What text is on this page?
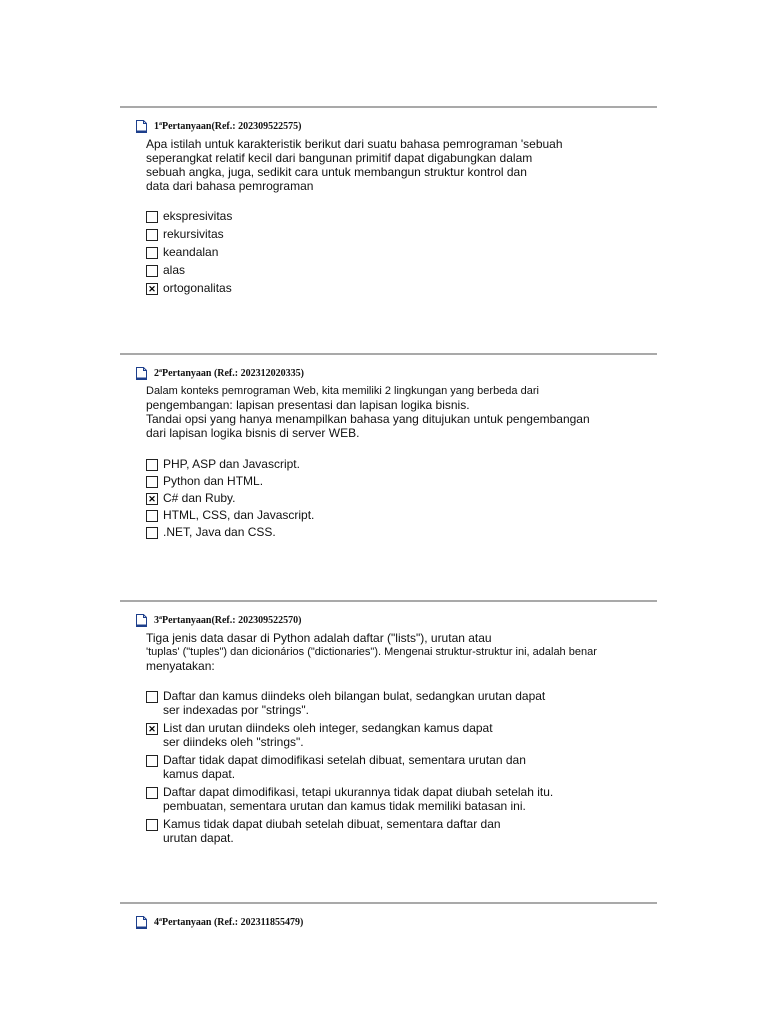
1$^a$Pertanyaan(Ref.: 202309522575)
Apa istilah untuk karakteristik berikut dari suatu bahasa pemrograman 'sebuah
seperangkat relatif kecil dari bangunan primitif dapat digabungkan dalam
sebuah angka, juga, sedikit cara untuk membangun struktur kontrol dan
data dari bahasa pemrograman
ekspresivitas
rekursivitas
keandalan
alas
✕
ortogonalitas
2$^a$Pertanyaan (Ref.: 202312020335)
Dalam konteks pemrograman Web, kita memiliki 2 lingkungan yang berbeda dari
pengembangan: lapisan presentasi dan lapisan logika bisnis.
Tandai opsi yang hanya menampilkan bahasa yang ditujukan untuk pengembangan
dari lapisan logika bisnis di server WEB.
PHP, ASP dan Javascript.
Python dan HTML.
✕
C# dan Ruby.
HTML, CSS, dan Javascript.
.NET, Java dan CSS.
3$^a$Pertanyaan(Ref.: 202309522570)
Tiga jenis data dasar di Python adalah daftar ("lists"), urutan atau
'tuplas' ("tuples") dan dicionários ("dictionaries"). Mengenai struktur-struktur ini, adalah benar
menyatakan:
Daftar dan kamus diindeks oleh bilangan bulat, sedangkan urutan dapat
ser indexadas por "strings".
✕
List dan urutan diindeks oleh integer, sedangkan kamus dapat
ser diindeks oleh "strings".
Daftar tidak dapat dimodifikasi setelah dibuat, sementara urutan dan
kamus dapat.
Daftar dapat dimodifikasi, tetapi ukurannya tidak dapat diubah setelah itu.
pembuatan, sementara urutan dan kamus tidak memiliki batasan ini.
Kamus tidak dapat diubah setelah dibuat, sementara daftar dan
urutan dapat.
4$^a$Pertanyaan (Ref.: 202311855479)
